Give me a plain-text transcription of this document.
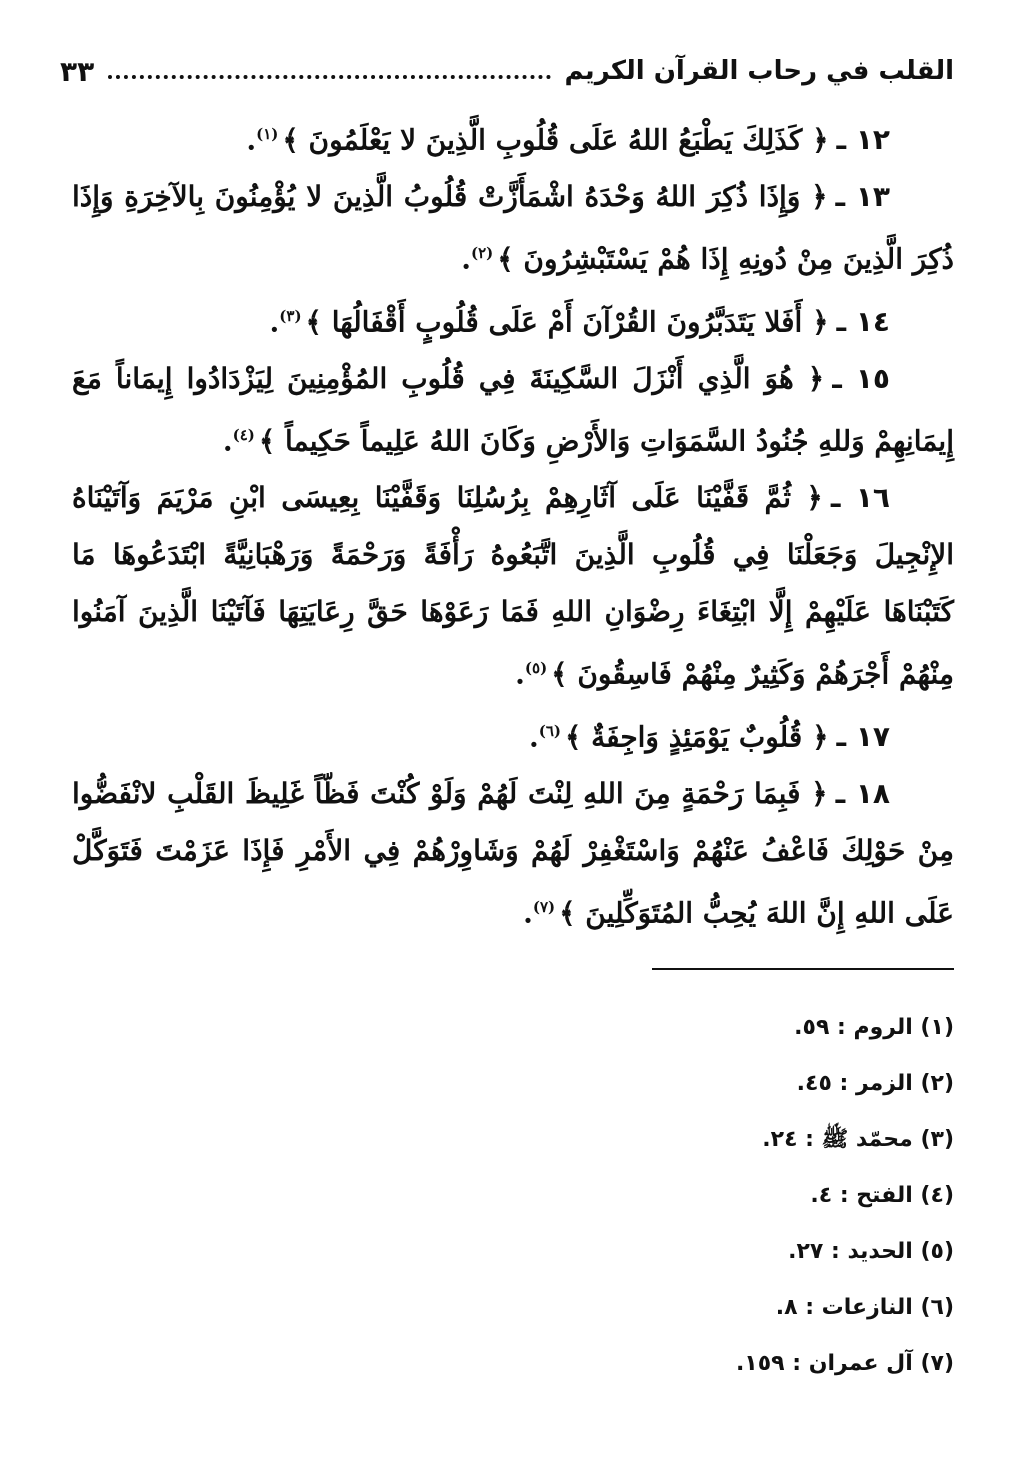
القلب في رحاب القرآن الكريم
٣٣

١٢ ـ﴿ كَذَلِكَ يَطْبَعُ اللهُ عَلَى قُلُوبِ الَّذِينَ لا يَعْلَمُونَ ﴾$^{(١)}$.

١٣ ـ﴿ وَإِذَا ذُكِرَ اللهُ وَحْدَهُ اشْمَأَزَّتْ قُلُوبُ الَّذِينَ لا يُؤْمِنُونَ بِالآخِرَةِ وَإِذَا ذُكِرَ الَّذِينَ مِنْ دُونِهِ إِذَا هُمْ يَسْتَبْشِرُونَ ﴾$^{(٢)}$.

١٤ ـ﴿ أَفَلا يَتَدَبَّرُونَ القُرْآنَ أَمْ عَلَى قُلُوبٍ أَقْفَالُهَا ﴾$^{(٣)}$.

١٥ ـ﴿ هُوَ الَّذِي أَنْزَلَ السَّكِينَةَ فِي قُلُوبِ المُؤْمِنِينَ لِيَزْدَادُوا إِيمَاناً مَعَ إِيمَانِهِمْ وَللهِ جُنُودُ السَّمَوَاتِ وَالأَرْضِ وَكَانَ اللهُ عَلِيماً حَكِيماً ﴾$^{(٤)}$.

١٦ ـ﴿ ثُمَّ قَفَّيْنَا عَلَى آثَارِهِمْ بِرُسُلِنَا وَقَفَّيْنَا بِعِيسَى ابْنِ مَرْيَمَ وَآتَيْنَاهُ الإِنْجِيلَ وَجَعَلْنَا فِي قُلُوبِ الَّذِينَ اتَّبَعُوهُ رَأْفَةً وَرَحْمَةً وَرَهْبَانِيَّةً ابْتَدَعُوهَا مَا كَتَبْنَاهَا عَلَيْهِمْ إِلَّا ابْتِغَاءَ رِضْوَانِ اللهِ فَمَا رَعَوْهَا حَقَّ رِعَايَتِهَا فَآتَيْنَا الَّذِينَ آمَنُوا مِنْهُمْ أَجْرَهُمْ وَكَثِيرٌ مِنْهُمْ فَاسِقُونَ ﴾$^{(٥)}$.

١٧ ـ﴿ قُلُوبٌ يَوْمَئِذٍ وَاجِفَةٌ ﴾$^{(٦)}$.

١٨ ـ﴿ فَبِمَا رَحْمَةٍ مِنَ اللهِ لِنْتَ لَهُمْ وَلَوْ كُنْتَ فَظّاً غَلِيظَ القَلْبِ لانْفَضُّوا مِنْ حَوْلِكَ فَاعْفُ عَنْهُمْ وَاسْتَغْفِرْ لَهُمْ وَشَاوِرْهُمْ فِي الأَمْرِ فَإِذَا عَزَمْتَ فَتَوَكَّلْ عَلَى اللهِ إِنَّ اللهَ يُحِبُّ المُتَوَكِّلِينَ ﴾$^{(٧)}$.

(١) الروم : ٥٩.
(٢) الزمر : ٤٥.
(٣) محمّد ﷺ : ٢٤.
(٤) الفتح : ٤.
(٥) الحديد : ٢٧.
(٦) النازعات : ٨.
(٧) آل عمران : ١٥٩.
